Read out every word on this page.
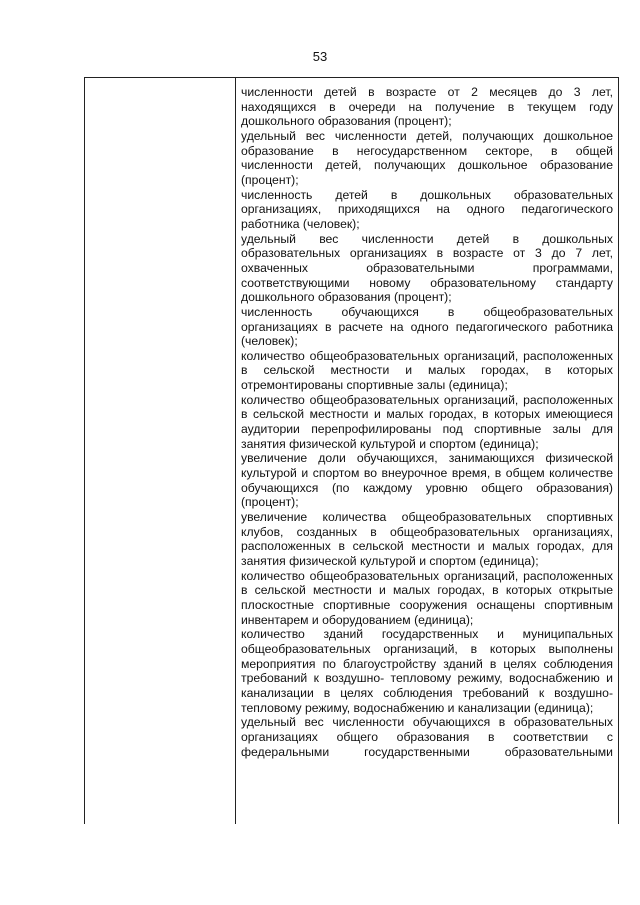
53

численности детей в возрасте от 2 месяцев до 3 лет, находящихся в очереди на получение в текущем году дошкольного образования (процент);

удельный вес численности детей, получающих дошкольное образование в негосударственном секторе, в общей численности детей, получающих дошкольное образование (процент);

численность детей в дошкольных образовательных организациях, приходящихся на одного педагогического работника (человек);

удельный вес численности детей в дошкольных образовательных организациях в возрасте от 3 до 7 лет, охваченных образовательными программами, соответствующими новому образовательному стандарту дошкольного образования (процент);

численность обучающихся в общеобразовательных организациях в расчете на одного педагогического работника (человек);

количество общеобразовательных организаций, расположенных в сельской местности и малых городах, в которых отремонтированы спортивные залы (единица);

количество общеобразовательных организаций, расположенных в сельской местности и малых городах, в которых имеющиеся аудитории перепрофилированы под спортивные залы для занятия физической культурой и спортом (единица);

увеличение доли обучающихся, занимающихся физической культурой и спортом во внеурочное время, в общем количестве обучающихся (по каждому уровню общего образования) (процент);

увеличение количества общеобразовательных спортивных клубов, созданных в общеобразовательных организациях, расположенных в сельской местности и малых городах, для занятия физической культурой и спортом (единица);

количество общеобразовательных организаций, расположенных в сельской местности и малых городах, в которых открытые плоскостные спортивные сооружения оснащены спортивным инвентарем и оборудованием (единица);

количество зданий государственных и муниципальных общеобразовательных организаций, в которых выполнены мероприятия по благоустройству зданий в целях соблюдения требований к воздушно- тепловому режиму, водоснабжению и канализации в целях соблюдения требований к воздушно- тепловому режиму, водоснабжению и канализации (единица);

удельный вес численности обучающихся в образовательных организациях общего образования в соответствии с федеральными государственными образовательными
